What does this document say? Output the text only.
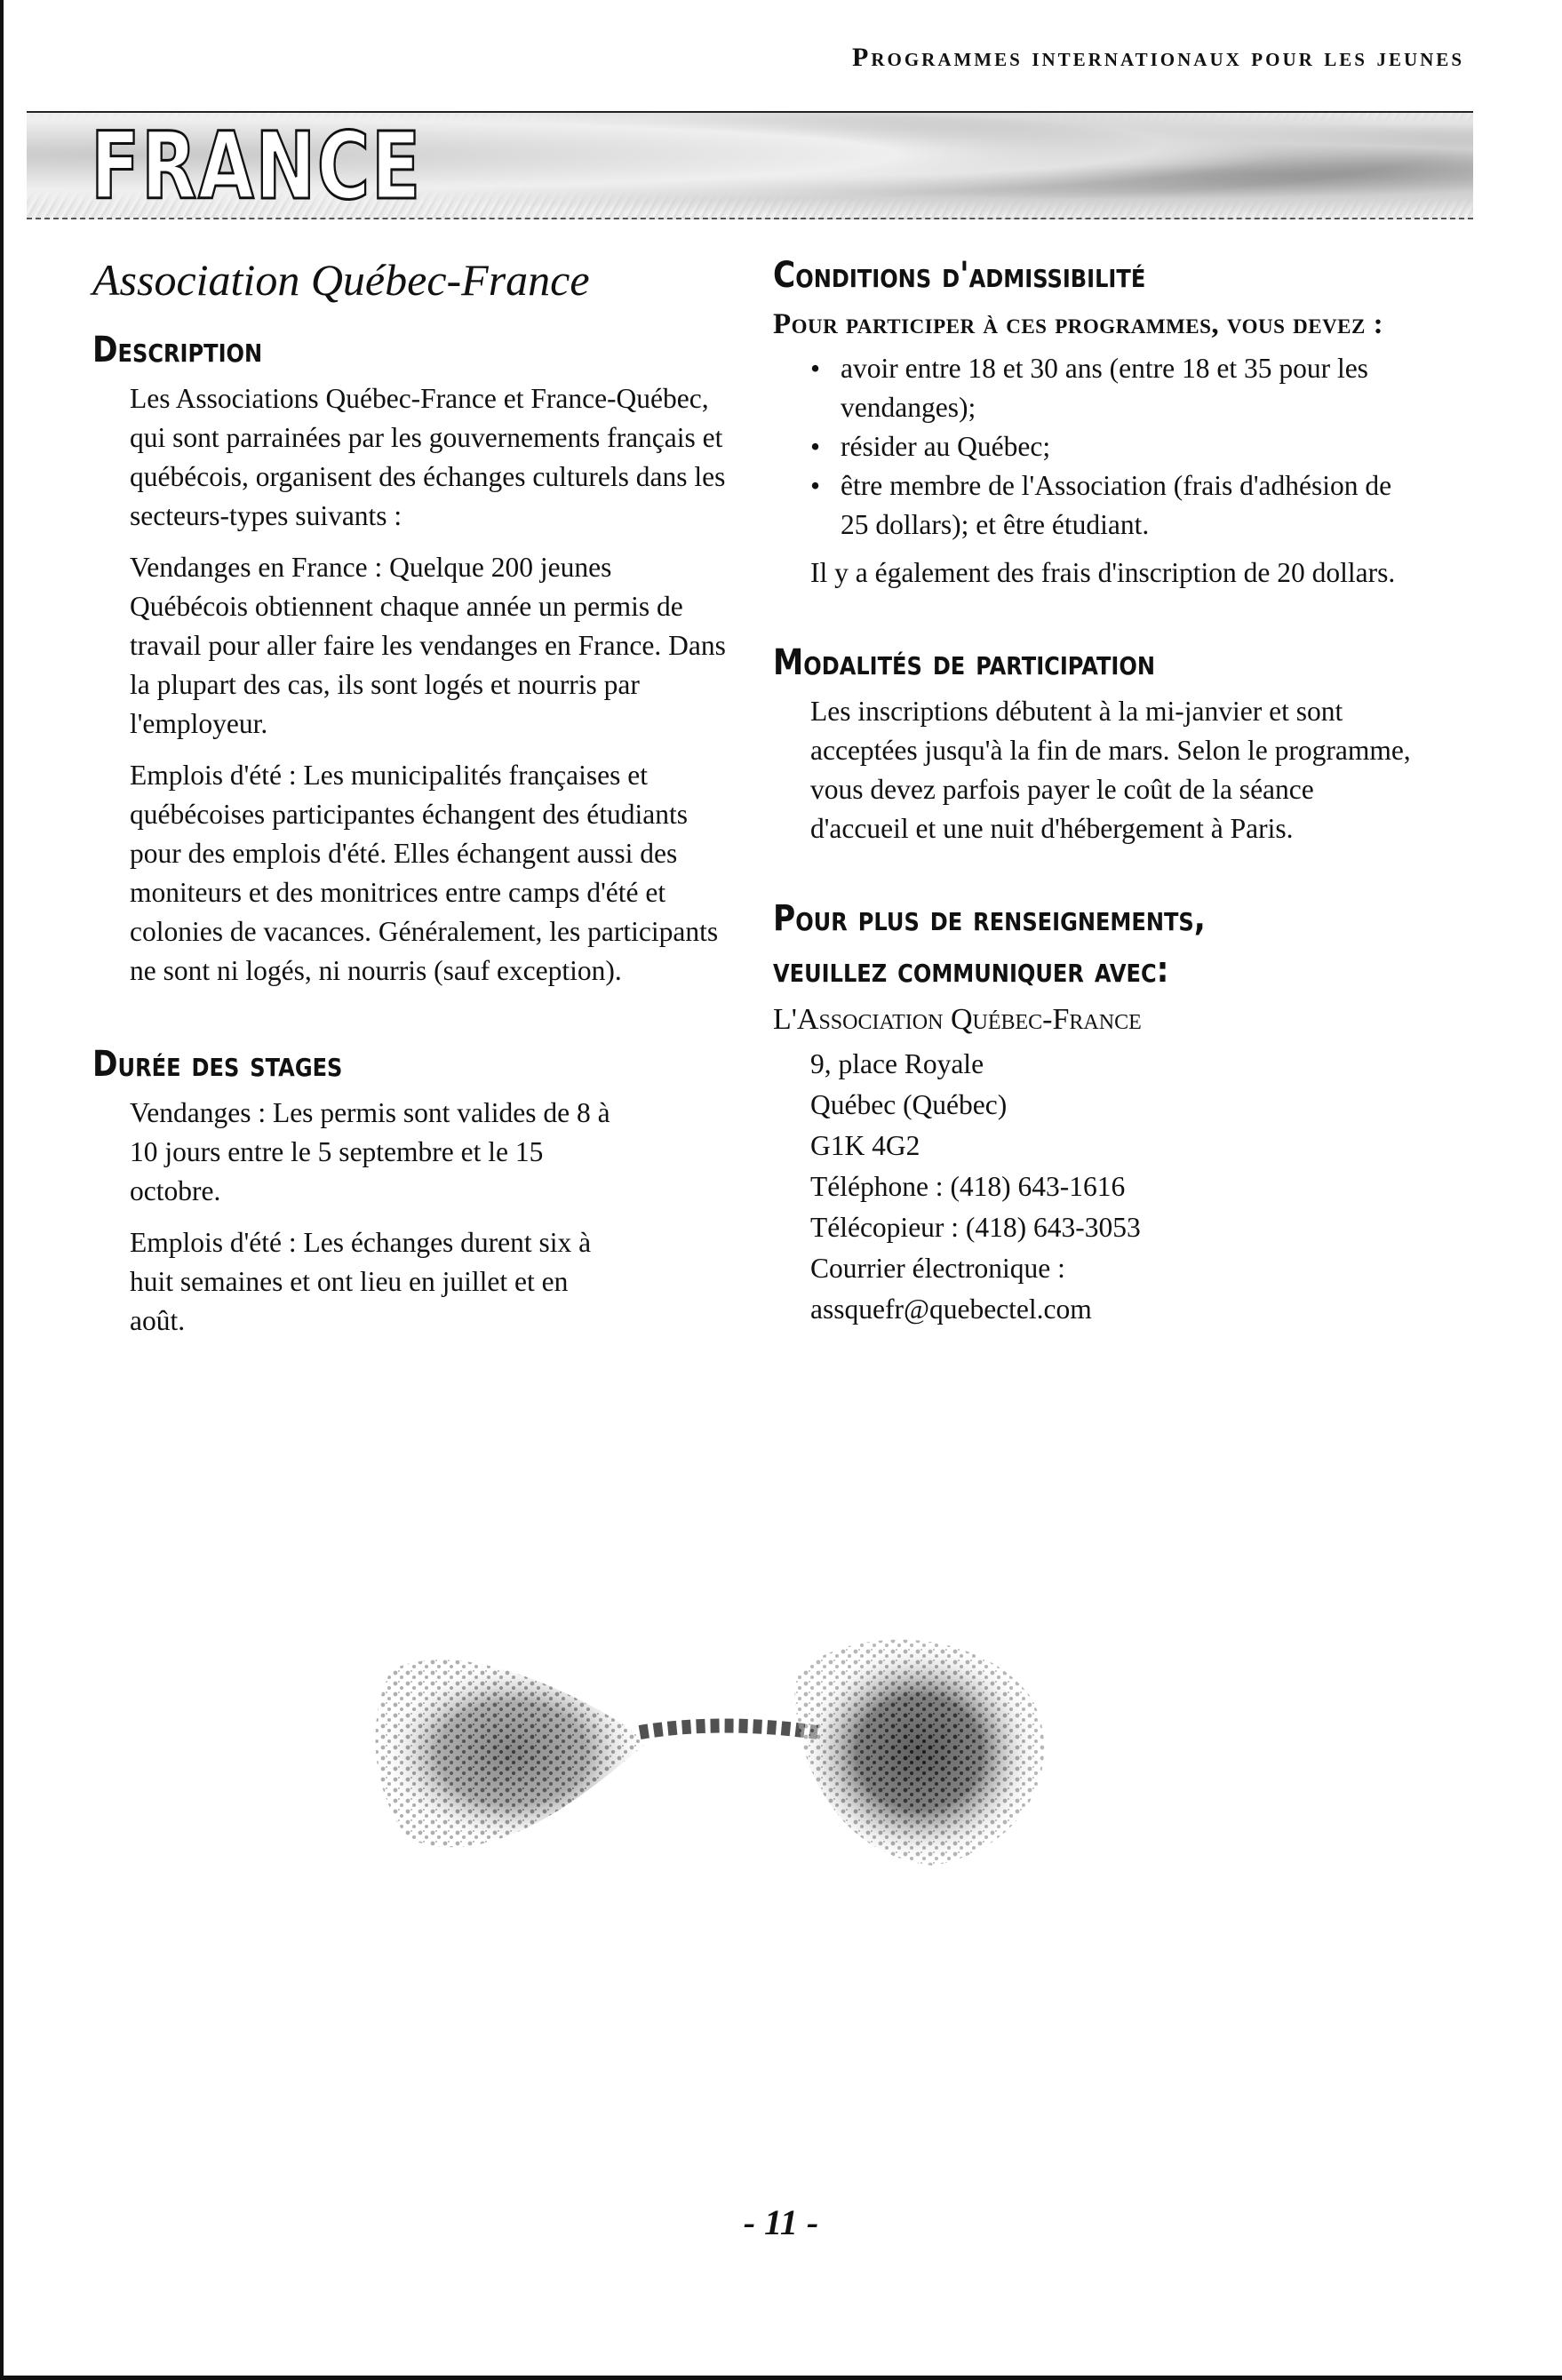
Programmes internationaux pour les jeunes
FRANCE
Association Québec-France
Description

Les Associations Québec-France et France-Québec, qui sont parrainées par les gouvernements français et québécois, organisent des échanges culturels dans les secteurs-types suivants :

Vendanges en France : Quelque 200 jeunes Québécois obtiennent chaque année un permis de travail pour aller faire les vendanges en France. Dans la plupart des cas, ils sont logés et nourris par l'employeur.

Emplois d'été : Les municipalités françaises et québécoises participantes échangent des étudiants pour des emplois d'été. Elles échangent aussi des moniteurs et des monitrices entre camps d'été et colonies de vacances. Généralement, les participants ne sont ni logés, ni nourris (sauf exception).

Durée des stages

Vendanges : Les permis sont valides de 8 à 10 jours entre le 5 septembre et le 15 octobre.

Emplois d'été : Les échanges durent six à huit semaines et ont lieu en juillet et en août.

Conditions d'admissibilité
Pour participer à ces programmes, vous devez :
• avoir entre 18 et 30 ans (entre 18 et 35 pour les vendanges);
• résider au Québec;
• être membre de l'Association (frais d'adhésion de 25 dollars); et être étudiant.

Il y a également des frais d'inscription de 20 dollars.

Modalités de participation

Les inscriptions débutent à la mi-janvier et sont acceptées jusqu'à la fin de mars. Selon le programme, vous devez parfois payer le coût de la séance d'accueil et une nuit d'hébergement à Paris.

Pour plus de renseignements,
veuillez communiquer avec:
L'Association Québec-France
9, place Royale
Québec (Québec)
G1K 4G2
Téléphone : (418) 643-1616
Télécopieur : (418) 643-3053
Courrier électronique :
assquefr@quebectel.com
- 11 -
